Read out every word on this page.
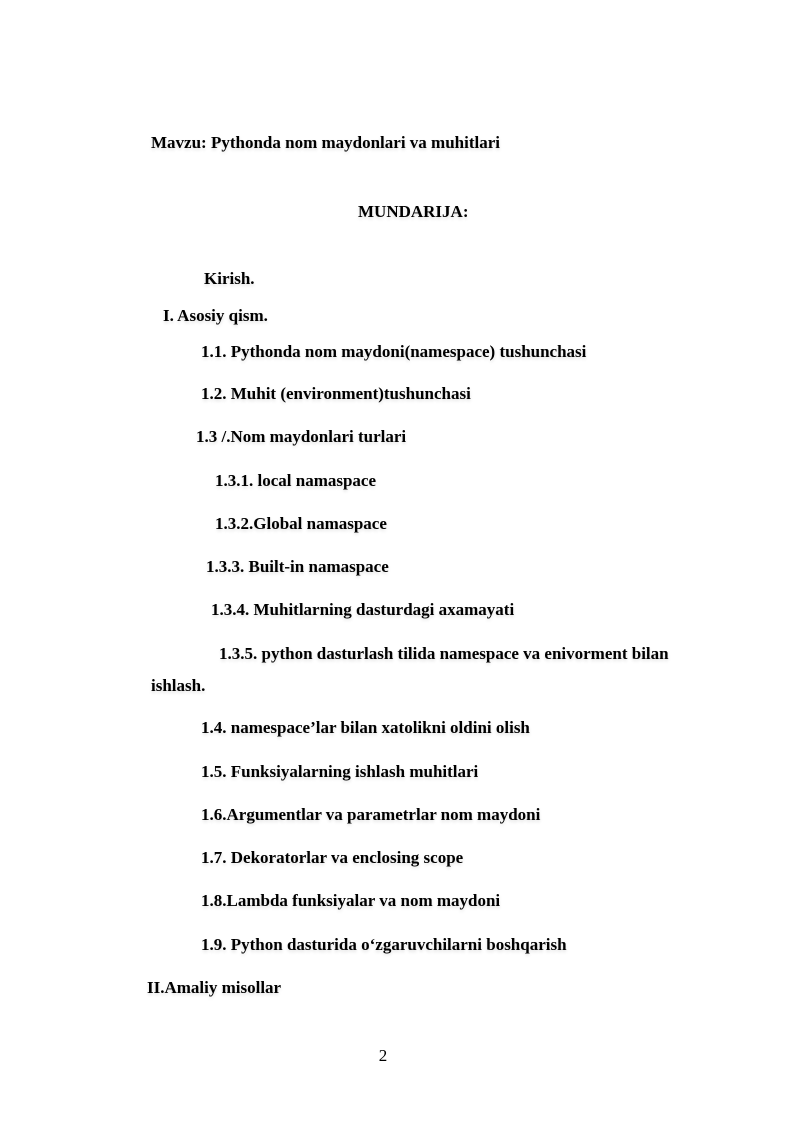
Mavzu: Pythonda nom maydonlari va muhitlari
MUNDARIJA:
Kirish.
I. Asosiy qism.
1.1. Pythonda nom maydoni(namespace) tushunchasi
1.2. Muhit (environment)tushunchasi
1.3 /.Nom maydonlari turlari
1.3.1. local namaspace
1.3.2.Global namaspace
1.3.3. Built-in namaspace
1.3.4. Muhitlarning dasturdagi axamayati
1.3.5. python dasturlash tilida namespace va enivorment bilan
ishlash.
1.4. namespace’lar bilan xatolikni oldini olish
1.5. Funksiyalarning ishlash muhitlari
1.6.Argumentlar va parametrlar nom maydoni
1.7. Dekoratorlar va enclosing scope
1.8.Lambda funksiyalar va nom maydoni
1.9. Python dasturida o‘zgaruvchilarni boshqarish
II.Amaliy misollar
2
